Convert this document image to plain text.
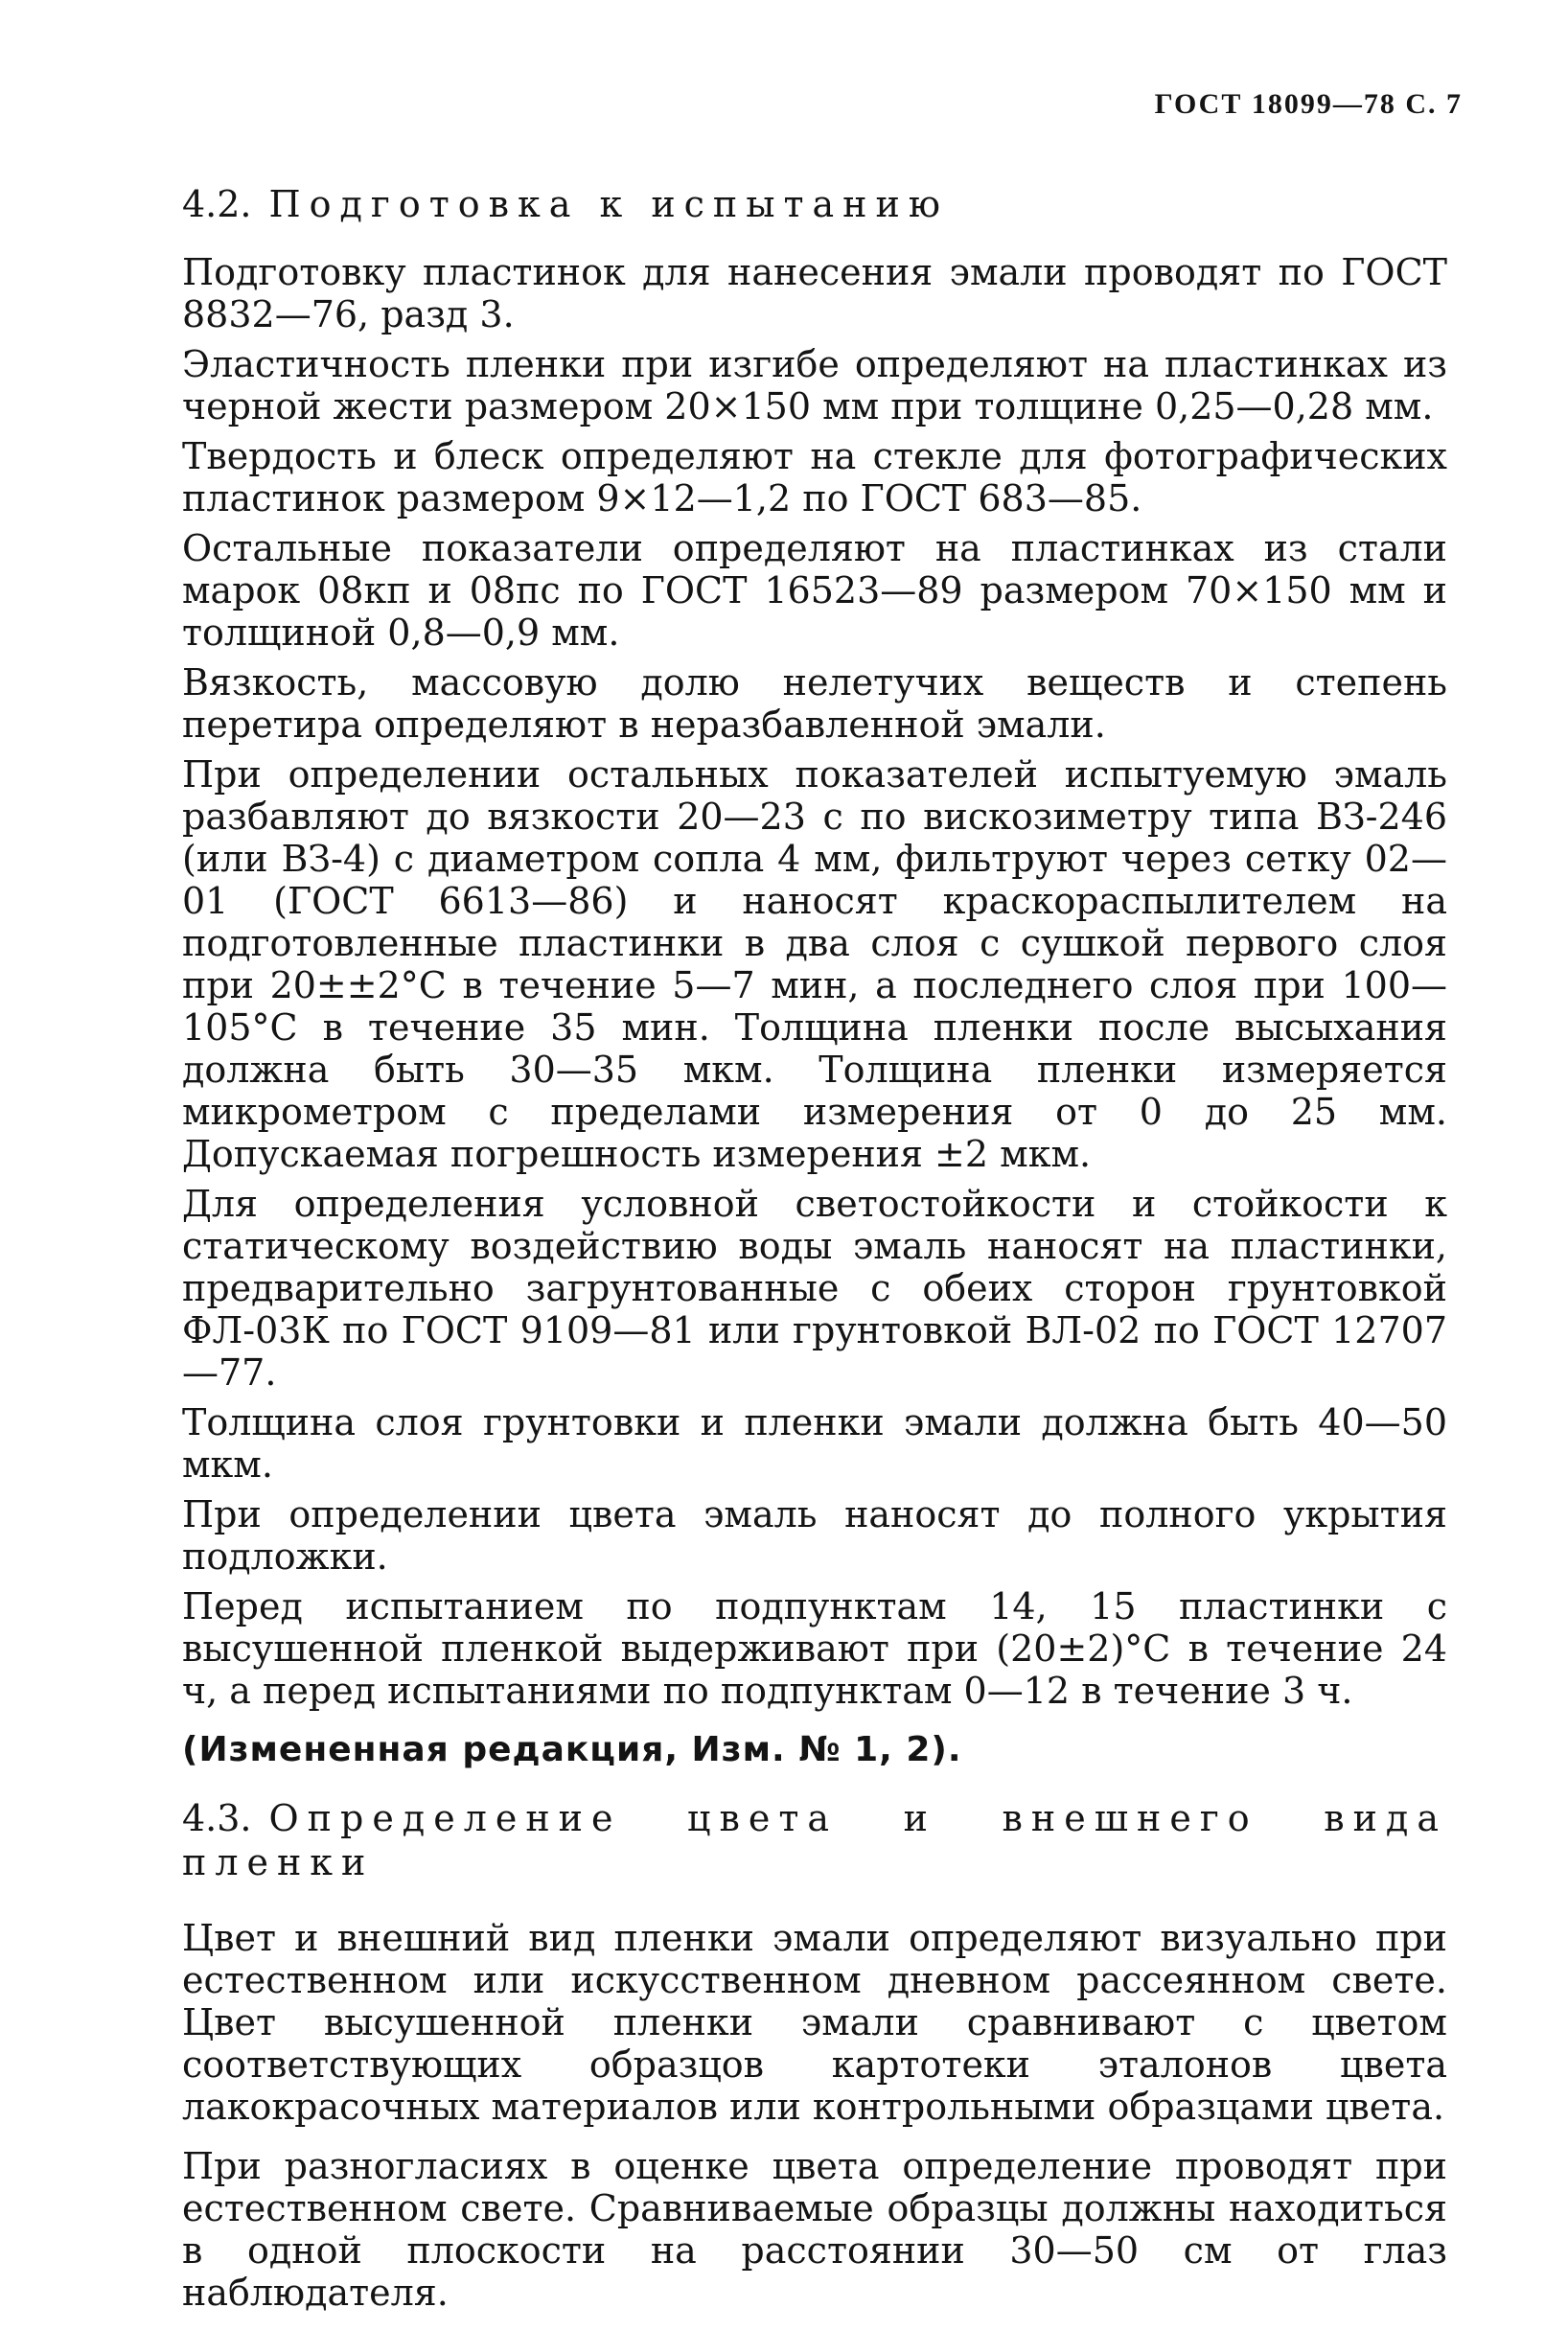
ГОСТ 18099—78 С. 7
4.2. Подготовка к испытанию

Подготовку пластинок для нанесения эмали проводят по ГОСТ 8832—76, разд 3.

Эластичность пленки при изгибе определяют на пластинках из черной жести размером 20×150 мм при толщине 0,25—0,28 мм.

Твердость и блеск определяют на стекле для фотографических пластинок размером 9×12—1,2 по ГОСТ 683—85.

Остальные показатели определяют на пластинках из стали марок 08кп и 08пс по ГОСТ 16523—89 размером 70×150 мм и толщиной 0,8—0,9 мм.

Вязкость, массовую долю нелетучих веществ и степень перетира определяют в неразбавленной эмали.

При определении остальных показателей испытуемую эмаль разбавляют до вязкости 20—23 с по вискозиметру типа ВЗ-246 (или ВЗ-4) с диаметром сопла 4 мм, фильтруют через сетку 02—01 (ГОСТ 6613—86) и наносят краскораспылителем на подготовленные пластинки в два слоя с сушкой первого слоя при 20±±2°С в течение 5—7 мин, а последнего слоя при 100—105°С в течение 35 мин. Толщина пленки после высыхания должна быть 30—35 мкм. Толщина пленки измеряется микрометром с пределами измерения от 0 до 25 мм. Допускаемая погрешность измерения ±2 мкм.

Для определения условной светостойкости и стойкости к статическому воздействию воды эмаль наносят на пластинки, предварительно загрунтованные с обеих сторон грунтовкой ФЛ-03К по ГОСТ 9109—81 или грунтовкой ВЛ-02 по ГОСТ 12707—77.

Толщина слоя грунтовки и пленки эмали должна быть 40—50 мкм.

При определении цвета эмаль наносят до полного укрытия подложки.

Перед испытанием по подпунктам 14, 15 пластинки с высушенной пленкой выдерживают при (20±2)°С в течение 24 ч, а перед испытаниями по подпунктам 0—12 в течение 3 ч.

(Измененная редакция, Изм. № 1, 2).
4.3. Определение цвета и внешнего вида пленки

Цвет и внешний вид пленки эмали определяют визуально при естественном или искусственном дневном рассеянном свете. Цвет высушенной пленки эмали сравнивают с цветом соответствующих образцов картотеки эталонов цвета лакокрасочных материалов или контрольными образцами цвета.

При разногласиях в оценке цвета определение проводят при естественном свете. Сравниваемые образцы должны находиться в одной плоскости на расстоянии 30—50 см от глаз наблюдателя.
